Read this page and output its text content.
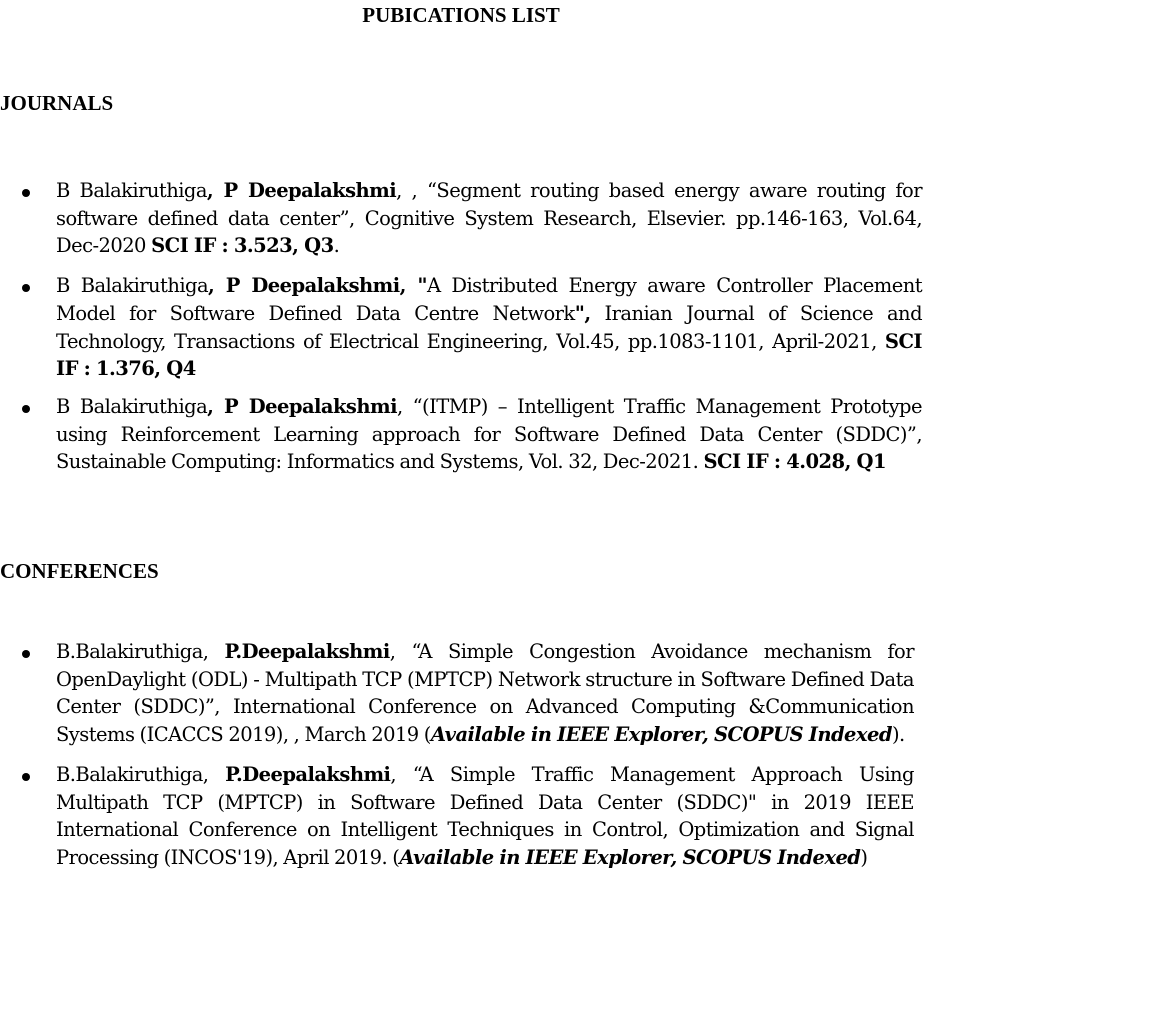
PUBICATIONS LIST
JOURNALS
B Balakiruthiga, P Deepalakshmi, , “Segment routing based energy aware routing for software defined data center”, Cognitive System Research, Elsevier. pp.146-163, Vol.64, Dec-2020 SCI IF : 3.523, Q3.
B Balakiruthiga, P Deepalakshmi, "A Distributed Energy aware Controller Placement Model for Software Defined Data Centre Network", Iranian Journal of Science and Technology, Transactions of Electrical Engineering, Vol.45, pp.1083-1101, April-2021, SCI IF : 1.376, Q4
B Balakiruthiga, P Deepalakshmi, “(ITMP) – Intelligent Traffic Management Prototype using Reinforcement Learning approach for Software Defined Data Center (SDDC)”, Sustainable Computing: Informatics and Systems, Vol. 32, Dec-2021. SCI IF : 4.028, Q1
CONFERENCES
B.Balakiruthiga, P.Deepalakshmi, “A Simple Congestion Avoidance mechanism for OpenDaylight (ODL) - Multipath TCP (MPTCP) Network structure in Software Defined Data Center (SDDC)”, International Conference on Advanced Computing &Communication Systems (ICACCS 2019), , March 2019 (Available in IEEE Explorer, SCOPUS Indexed).
B.Balakiruthiga, P.Deepalakshmi, “A Simple Traffic Management Approach Using Multipath TCP (MPTCP) in Software Defined Data Center (SDDC)" in 2019 IEEE International Conference on Intelligent Techniques in Control, Optimization and Signal Processing (INCOS'19), April 2019. (Available in IEEE Explorer, SCOPUS Indexed)
